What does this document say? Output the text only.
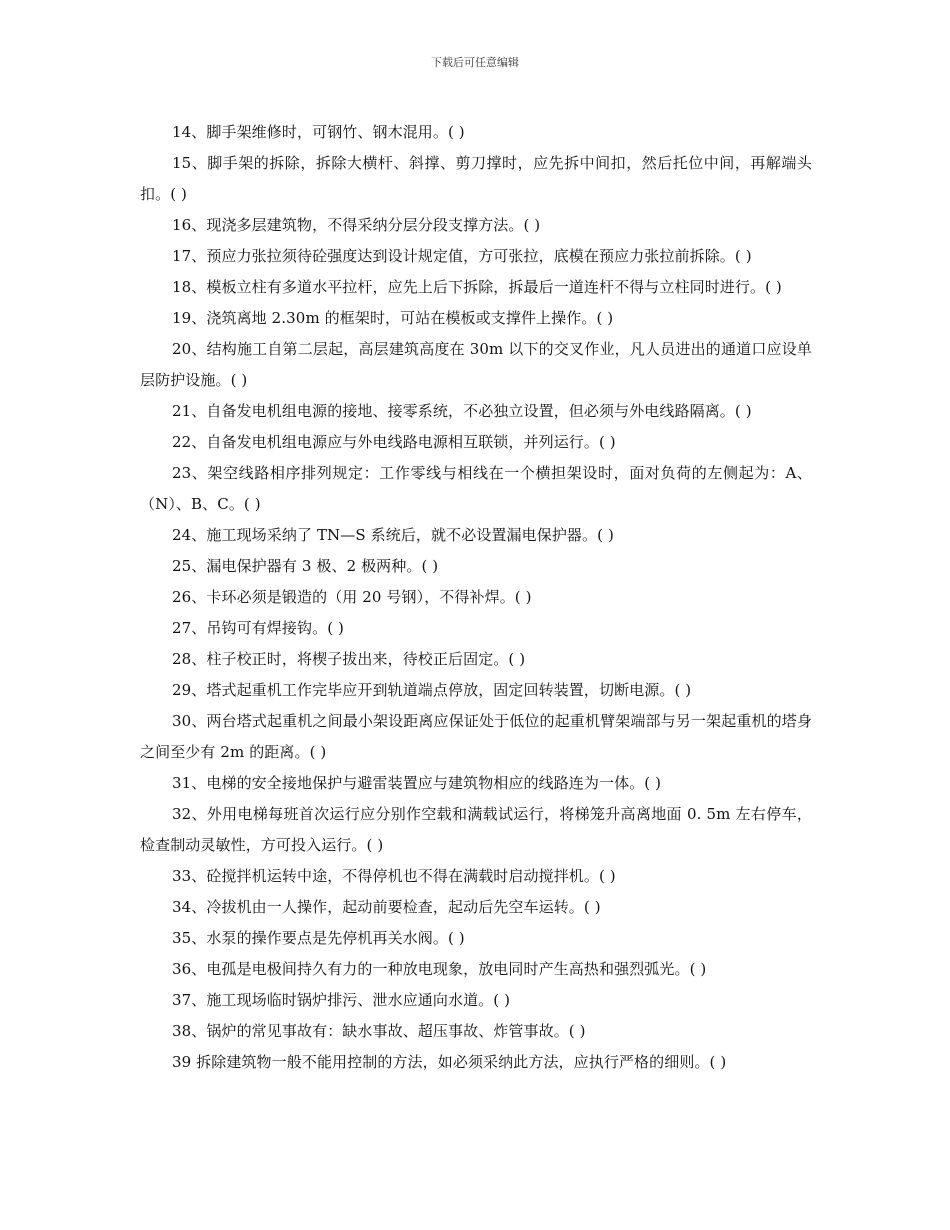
下载后可任意编辑

14、脚手架维修时，可钢竹、钢木混用。( )

15、脚手架的拆除，拆除大横杆、斜撑、剪刀撑时，应先拆中间扣，然后托位中间，再解端头扣。( )

16、现浇多层建筑物，不得采纳分层分段支撑方法。( )

17、预应力张拉须待砼强度达到设计规定值，方可张拉，底模在预应力张拉前拆除。( )

18、模板立柱有多道水平拉杆，应先上后下拆除，拆最后一道连杆不得与立柱同时进行。( )

19、浇筑离地 2.30m 的框架时，可站在模板或支撑件上操作。( )

20、结构施工自第二层起，高层建筑高度在 30m 以下的交叉作业，凡人员进出的通道口应设单层防护设施。( )

21、自备发电机组电源的接地、接零系统，不必独立设置，但必须与外电线路隔离。( )

22、自备发电机组电源应与外电线路电源相互联锁，并列运行。( )

23、架空线路相序排列规定：工作零线与相线在一个横担架设时，面对负荷的左侧起为：A、（N）、B、C。( )

24、施工现场采纳了 TN—S 系统后，就不必设置漏电保护器。( )

25、漏电保护器有 3 极、2 极两种。( )

26、卡环必须是锻造的（用 20 号钢），不得补焊。( )

27、吊钩可有焊接钩。( )

28、柱子校正时，将楔子拔出来，待校正后固定。( )

29、塔式起重机工作完毕应开到轨道端点停放，固定回转装置，切断电源。( )

30、两台塔式起重机之间最小架设距离应保证处于低位的起重机臂架端部与另一架起重机的塔身之间至少有 2m 的距离。( )

31、电梯的安全接地保护与避雷装置应与建筑物相应的线路连为一体。( )

32、外用电梯每班首次运行应分别作空载和满载试运行，将梯笼升高离地面 0. 5m 左右停车，检查制动灵敏性，方可投入运行。( )

33、砼搅拌机运转中途，不得停机也不得在满载时启动搅拌机。( )

34、冷拔机由一人操作，起动前要检查，起动后先空车运转。( )

35、水泵的操作要点是先停机再关水阀。( )

36、电孤是电极间持久有力的一种放电现象，放电同时产生高热和强烈弧光。( )

37、施工现场临时锅炉排污、泄水应通向水道。( )

38、锅炉的常见事故有：缺水事故、超压事故、炸管事故。( )

39 拆除建筑物一般不能用控制的方法，如必须采纳此方法，应执行严格的细则。( )
